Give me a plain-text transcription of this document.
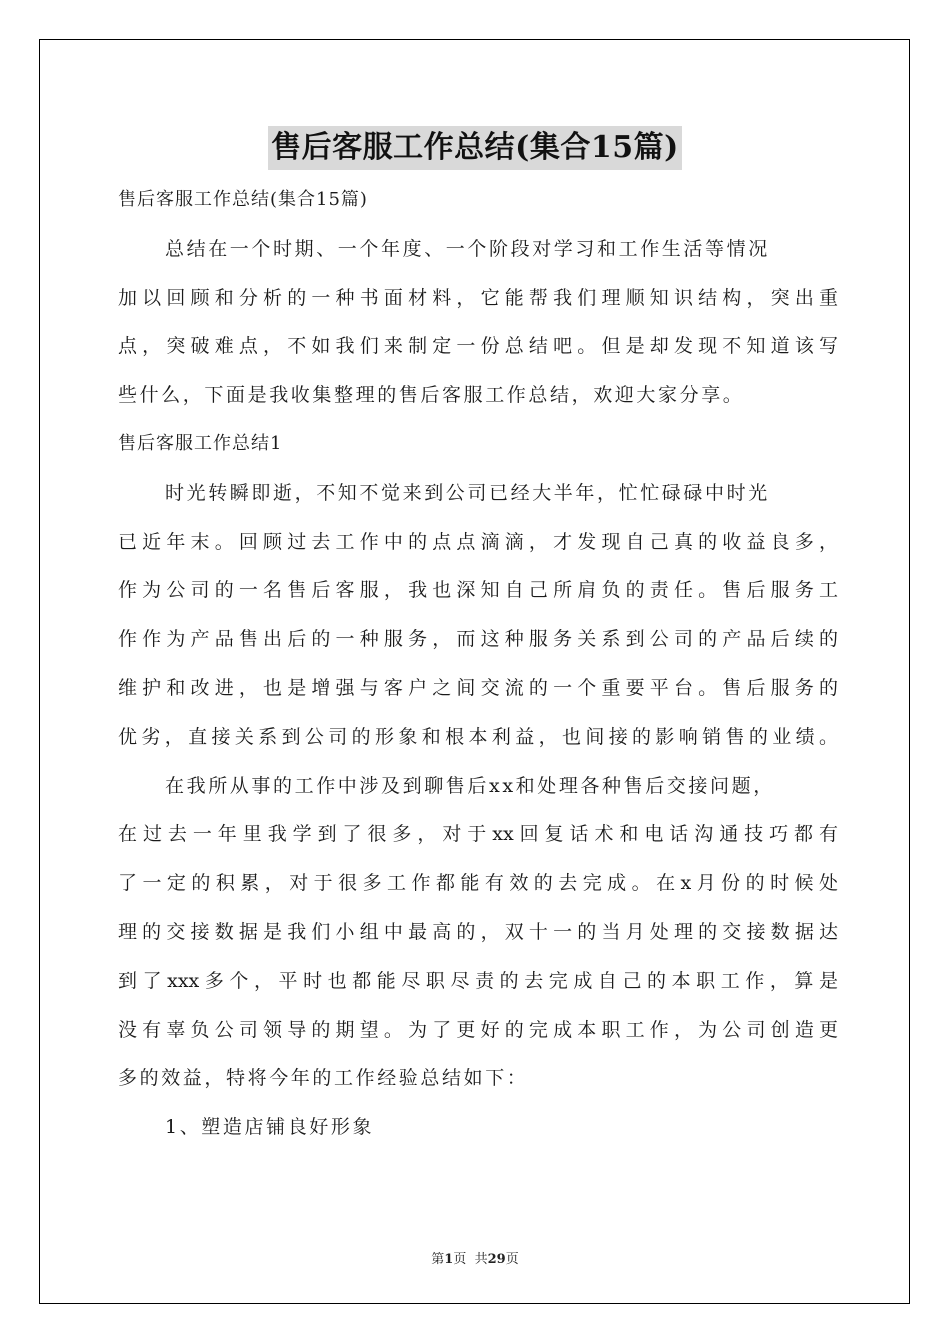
售后客服工作总结(集合15篇)
售后客服工作总结(集合15篇)
总结在一个时期、一个年度、一个阶段对学习和工作生活等情况
加以回顾和分析的一种书面材料，它能帮我们理顺知识结构，突出重
点，突破难点，不如我们来制定一份总结吧。但是却发现不知道该写
些什么，下面是我收集整理的售后客服工作总结，欢迎大家分享。
售后客服工作总结1
时光转瞬即逝，不知不觉来到公司已经大半年，忙忙碌碌中时光
已近年末。回顾过去工作中的点点滴滴，才发现自己真的收益良多，
作为公司的一名售后客服，我也深知自己所肩负的责任。售后服务工
作作为产品售出后的一种服务，而这种服务关系到公司的产品后续的
维护和改进，也是增强与客户之间交流的一个重要平台。售后服务的
优劣，直接关系到公司的形象和根本利益，也间接的影响销售的业绩。
在我所从事的工作中涉及到聊售后xx和处理各种售后交接问题，
在过去一年里我学到了很多，对于xx回复话术和电话沟通技巧都有
了一定的积累，对于很多工作都能有效的去完成。在x月份的时候处
理的交接数据是我们小组中最高的，双十一的当月处理的交接数据达
到了xxx多个，平时也都能尽职尽责的去完成自己的本职工作，算是
没有辜负公司领导的期望。为了更好的完成本职工作，为公司创造更
多的效益，特将今年的工作经验总结如下：
1、塑造店铺良好形象
第1页  共29页
